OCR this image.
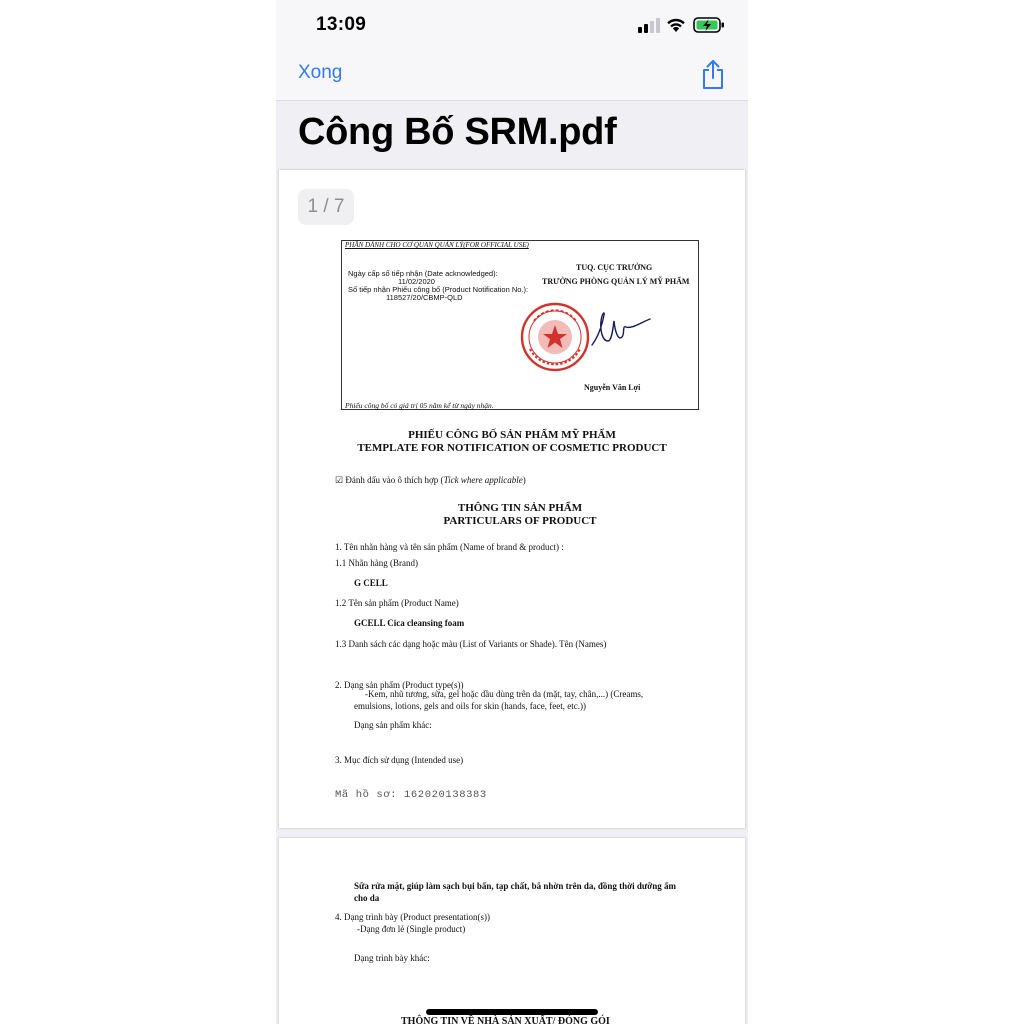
13:09
Xong
Công Bố SRM.pdf
1 / 7
PHẦN DÀNH CHO CƠ QUAN QUẢN LÝ(FOR OFFICIAL USE)
Ngày cấp số tiếp nhận (Date acknowledged):
11/02/2020
Số tiếp nhận Phiếu công bố (Product Notification No.):
118527/20/CBMP-QLD
TUQ. CỤC TRƯỞNG
TRƯỞNG PHÒNG QUẢN LÝ MỸ PHẨM
Nguyễn Văn Lợi
Phiếu công bố có giá trị 05 năm kể từ ngày nhận.
PHIẾU CÔNG BỐ SẢN PHẨM MỸ PHẨM
TEMPLATE FOR NOTIFICATION OF COSMETIC PRODUCT
☑ Đánh dấu vào ô thích hợp (Tick where applicable)
THÔNG TIN SẢN PHẨM
PARTICULARS OF PRODUCT
1. Tên nhãn hàng và tên sản phẩm (Name of brand & product) :
1.1 Nhãn hàng (Brand)
G CELL
1.2 Tên sản phẩm (Product Name)
GCELL Cica cleansing foam
1.3 Danh sách các dạng hoặc màu (List of Variants or Shade). Tên (Names)
2. Dạng sản phẩm (Product type(s))
-Kem, nhũ tương, sữa, gel hoặc dầu dùng trên da (mặt, tay, chân,...) (Creams,
emulsions, lotions, gels and oils for skin (hands, face, feet, etc.))
Dạng sản phẩm khác:
3. Mục đích sử dụng (Intended use)
Mã hồ sơ: 162020138383
Sữa rửa mặt, giúp làm sạch bụi bẩn, tạp chất, bã nhờn trên da, đồng thời dưỡng ẩm
cho da
4. Dạng trình bày (Product presentation(s))
-Dạng đơn lẻ (Single product)
Dạng trình bày khác:
THÔNG TIN VỀ NHÀ SẢN XUẤT/ ĐÓNG GÓI
